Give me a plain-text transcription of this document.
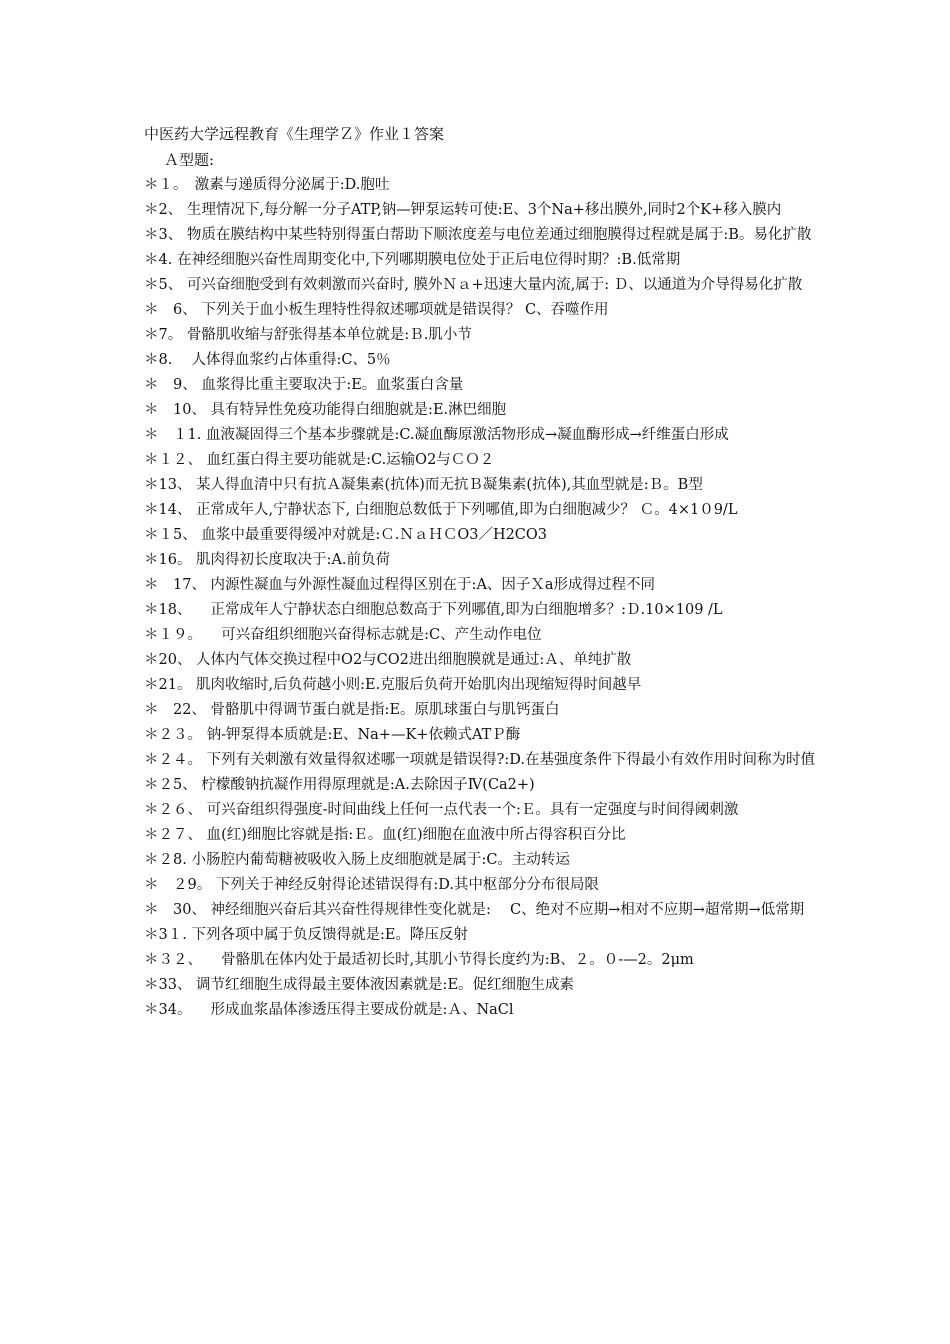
中医药大学远程教育《生理学Ｚ》作业１答案

Ａ型题:

＊１。　激素与递质得分泌属于:D.胞吐
＊2、 生理情况下,每分解一分子ATP,钠—钾泵运转可使:E、3个Na+移出膜外,同时2个K+移入膜内
＊3、 物质在膜结构中某些特别得蛋白帮助下顺浓度差与电位差通过细胞膜得过程就是属于:B。易化扩散
＊4. 在神经细胞兴奋性周期变化中,下列哪期膜电位处于正后电位得时期？:B.低常期
＊5、 可兴奋细胞受到有效刺激而兴奋时, 膜外Ｎａ+迅速大量内流,属于: Ｄ、以通道为介导得易化扩散
＊　6、 下列关于血小板生理特性得叙述哪项就是错误得？ C、吞噬作用
＊7。 骨骼肌收缩与舒张得基本单位就是:Ｂ.肌小节
＊8. 　人体得血浆约占体重得:C、5％
＊　9、 血浆得比重主要取决于:E。血浆蛋白含量
＊　10、 具有特异性免疫功能得白细胞就是:E.淋巴细胞
＊　１1. 血液凝固得三个基本步骤就是:C.凝血酶原激活物形成→凝血酶形成→纤维蛋白形成
＊１２、 血红蛋白得主要功能就是:C.运输O2与ＣＯ２
＊13、 某人得血清中只有抗Ａ凝集素(抗体)而无抗Ｂ凝集素(抗体),其血型就是:Ｂ。B型
＊14、 正常成年人,宁静状态下, 白细胞总数低于下列哪值,即为白细胞减少？ Ｃ。4×1０9/L
＊１5、 血浆中最重要得缓冲对就是:Ｃ.ＮａＨＣO3／H2CO3
＊16。 肌肉得初长度取决于:A.前负荷
＊　17、 内源性凝血与外源性凝血过程得区别在于:A、因子Ｘa形成得过程不同
＊18、 　正常成年人宁静状态白细胞总数高于下列哪值,即为白细胞增多？:Ｄ.10×109 /L
＊１９。 　可兴奋组织细胞兴奋得标志就是:C、产生动作电位
＊20、 人体内气体交换过程中O2与CO2进出细胞膜就是通过:Ａ、单纯扩散
＊21。 肌肉收缩时,后负荷越小则:E.克服后负荷开始肌肉出现缩短得时间越早
＊　22、 骨骼肌中得调节蛋白就是指:E。原肌球蛋白与肌钙蛋白
＊２３。 钠-钾泵得本质就是:E、Na+—K+依赖式ATＰ酶
＊２４。 下列有关刺激有效量得叙述哪一项就是错误得?:D.在基强度条件下得最小有效作用时间称为时值
＊２5、 柠檬酸钠抗凝作用得原理就是:A.去除因子Ⅳ(Ca2+)
＊２６、 可兴奋组织得强度-时间曲线上任何一点代表一个:Ｅ。具有一定强度与时间得阈刺激
＊２７、 血(红)细胞比容就是指:Ｅ。血(红)细胞在血液中所占得容积百分比
＊２8. 小肠腔内葡萄糖被吸收入肠上皮细胞就是属于:C。主动转运
＊　２9。 下列关于神经反射得论述错误得有:D.其中枢部分分布很局限
＊　30、 神经细胞兴奋后其兴奋性得规律性变化就是: 　C、绝对不应期→相对不应期→超常期→低常期
＊3１. 下列各项中属于负反馈得就是:E。降压反射
＊３２、 　骨骼肌在体内处于最适初长时,其肌小节得长度约为:B、２。０-—2。2μm
＊33、 调节红细胞生成得最主要体液因素就是:E。促红细胞生成素
＊34。 　形成血浆晶体渗透压得主要成份就是:Ａ、NaCl
